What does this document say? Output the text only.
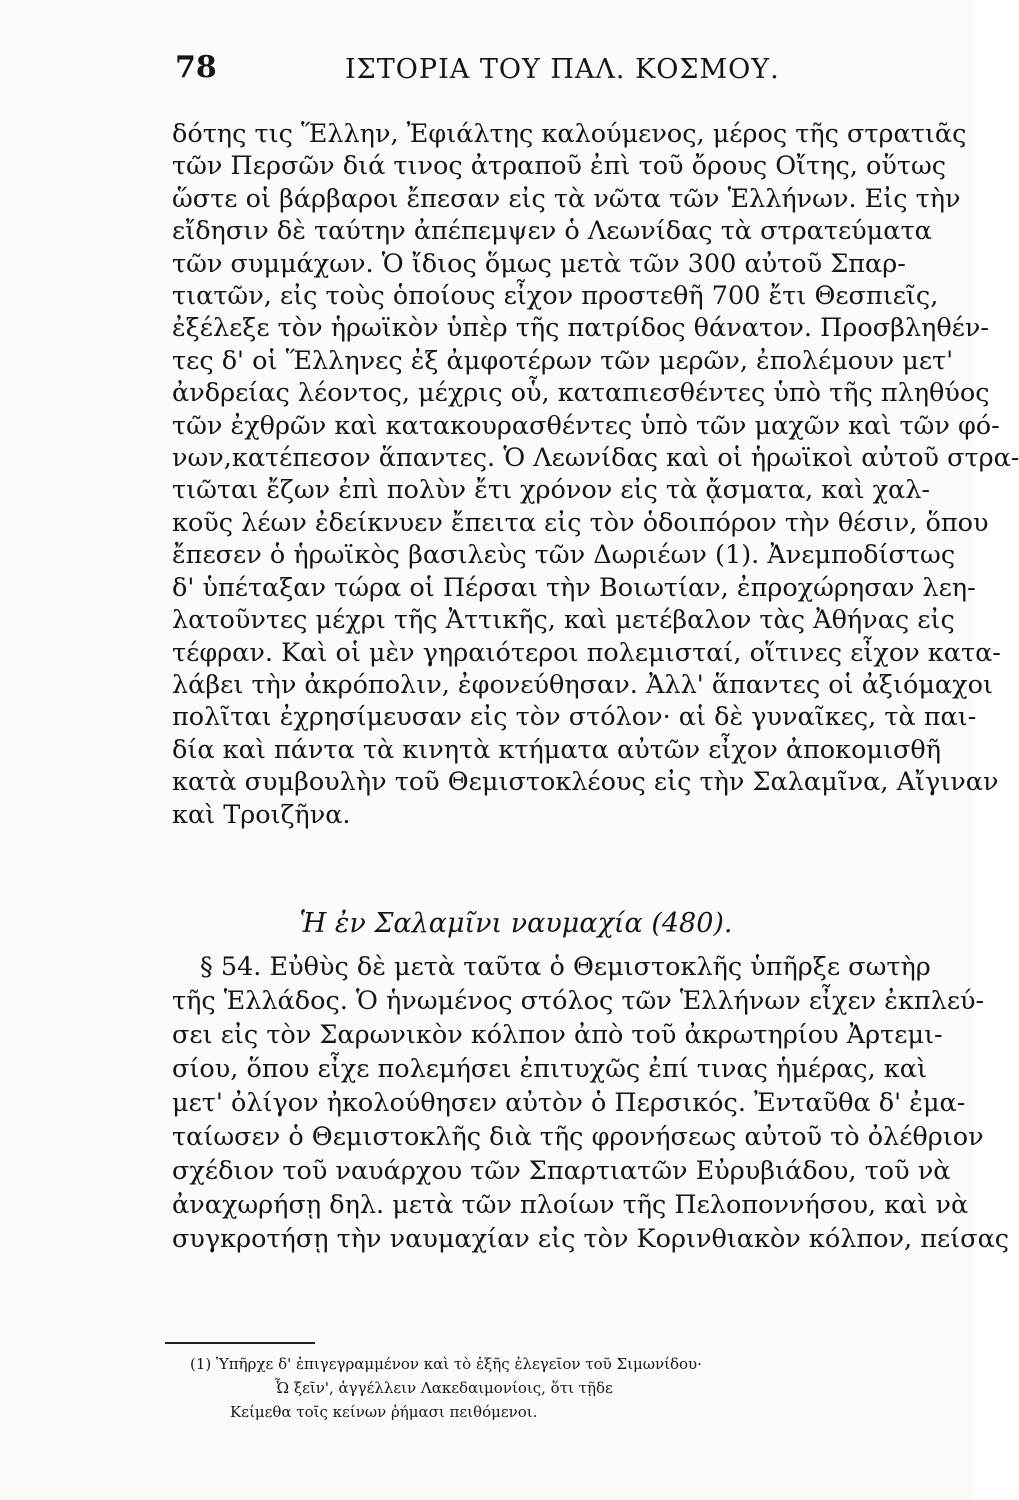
78	ΙΣΤΟΡΙΑ ΤΟΥ ΠΑΛ. ΚΟΣΜΟΥ.
δότης τις Ἕλλην, Ἐφιάλτης καλούμενος, μέρος τῆς στρατιᾶς
τῶν Περσῶν διά τινος ἀτραποῦ ἐπὶ τοῦ ὄρους Οἴτης, οὕτως
ὥστε οἱ βάρβαροι ἔπεσαν εἰς τὰ νῶτα τῶν Ἑλλήνων. Εἰς τὴν
εἴδησιν δὲ ταύτην ἀπέπεμψεν ὁ Λεωνίδας τὰ στρατεύματα
τῶν συμμάχων. Ὁ ἴδιος ὅμως μετὰ τῶν 300 αὐτοῦ Σπαρ-
τιατῶν, εἰς τοὺς ὁποίους εἶχον προστεθῆ 700 ἔτι Θεσπιεῖς,
ἐξέλεξε τὸν ἡρωϊκὸν ὑπὲρ τῆς πατρίδος θάνατον. Προσβληθέν-
τες δ' οἱ Ἕλληνες ἐξ ἀμφοτέρων τῶν μερῶν, ἐπολέμουν μετ'
ἀνδρείας λέοντος, μέχρις οὗ, καταπιεσθέντες ὑπὸ τῆς πληθύος
τῶν ἐχθρῶν καὶ κατακουρασθέντες ὑπὸ τῶν μαχῶν καὶ τῶν φό-
νων,κατέπεσον ἅπαντες. Ὁ Λεωνίδας καὶ οἱ ἡρωϊκοὶ αὐτοῦ στρα-
τιῶται ἔζων ἐπὶ πολὺν ἔτι χρόνον εἰς τὰ ᾄσματα, καὶ χαλ-
κοῦς λέων ἐδείκνυεν ἔπειτα εἰς τὸν ὁδοιπόρον τὴν θέσιν, ὅπου
ἔπεσεν ὁ ἡρωϊκὸς βασιλεὺς τῶν Δωριέων (1). Ἀνεμποδίστως
δ' ὑπέταξαν τώρα οἱ Πέρσαι τὴν Βοιωτίαν, ἐπροχώρησαν λεη-
λατοῦντες μέχρι τῆς Ἀττικῆς, καὶ μετέβαλον τὰς Ἀθήνας εἰς
τέφραν. Καὶ οἱ μὲν γηραιότεροι πολεμισταί, οἵτινες εἶχον κατα-
λάβει τὴν ἀκρόπολιν, ἐφονεύθησαν. Ἀλλ' ἅπαντες οἱ ἀξιόμαχοι
πολῖται ἐχρησίμευσαν εἰς τὸν στόλον· αἱ δὲ γυναῖκες, τὰ παι-
δία καὶ πάντα τὰ κινητὰ κτήματα αὐτῶν εἶχον ἀποκομισθῆ
κατὰ συμβουλὴν τοῦ Θεμιστοκλέους εἰς τὴν Σαλαμῖνα, Αἴγιναν
καὶ Τροιζῆνα.
Ἡ ἐν Σαλαμῖνι ναυμαχία (480).
§ 54. Εὐθὺς δὲ μετὰ ταῦτα ὁ Θεμιστοκλῆς ὑπῆρξε σωτὴρ
τῆς Ἑλλάδος. Ὁ ἡνωμένος στόλος τῶν Ἑλλήνων εἶχεν ἐκπλεύ-
σει εἰς τὸν Σαρωνικὸν κόλπον ἀπὸ τοῦ ἀκρωτηρίου Ἀρτεμι-
σίου, ὅπου εἶχε πολεμήσει ἐπιτυχῶς ἐπί τινας ἡμέρας, καὶ
μετ' ὀλίγον ἠκολούθησεν αὐτὸν ὁ Περσικός. Ἐνταῦθα δ' ἐμα-
ταίωσεν ὁ Θεμιστοκλῆς διὰ τῆς φρονήσεως αὐτοῦ τὸ ὀλέθριον
σχέδιον τοῦ ναυάρχου τῶν Σπαρτιατῶν Εὐρυβιάδου, τοῦ νὰ
ἀναχωρήσῃ δηλ. μετὰ τῶν πλοίων τῆς Πελοποννήσου, καὶ νὰ
συγκροτήσῃ τὴν ναυμαχίαν εἰς τὸν Κορινθιακὸν κόλπον, πείσας
(1) Ὑπῆρχε δ' ἐπιγεγραμμένον καὶ τὸ ἑξῆς ἐλεγεῖον τοῦ Σιμωνίδου·
Ὦ ξεῖν', ἀγγέλλειν Λακεδαιμονίοις, ὅτι τῇδε
Κείμεθα τοῖς κείνων ῥήμασι πειθόμενοι.
